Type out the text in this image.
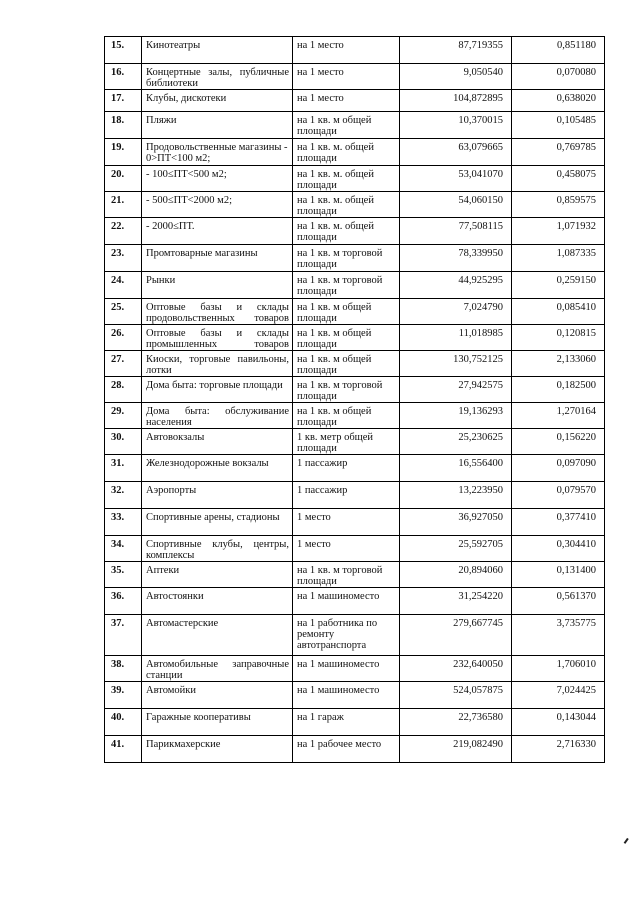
15.	Кинотеатры	на 1 место	87,719355	0,851180
16.	Концертные залы, публичные библиотеки	на 1 место	9,050540	0,070080
17.	Клубы, дискотеки	на 1 место	104,872895	0,638020
18.	Пляжи	на 1 кв. м общей площади	10,370015	0,105485
19.	Продовольственные магазины - 0>ПТ<100 м2;	на 1 кв. м. общей площади	63,079665	0,769785
20.	- 100≤ПТ<500 м2;	на 1 кв. м. общей площади	53,041070	0,458075
21.	- 500≤ПТ<2000 м2;	на 1 кв. м. общей площади	54,060150	0,859575
22.	- 2000≤ПТ.	на 1 кв. м. общей площади	77,508115	1,071932
23.	Промтоварные магазины	на 1 кв. м торговой площади	78,339950	1,087335
24.	Рынки	на 1 кв. м торговой площади	44,925295	0,259150
25.	Оптовые базы и склады продовольственных товаров	на 1 кв. м общей площади	7,024790	0,085410
26.	Оптовые базы и склады промышленных товаров	на 1 кв. м общей площади	11,018985	0,120815
27.	Киоски, торговые павильоны, лотки	на 1 кв. м общей площади	130,752125	2,133060
28.	Дома быта: торговые площади	на 1 кв. м торговой площади	27,942575	0,182500
29.	Дома быта: обслуживание населения	на 1 кв. м общей площади	19,136293	1,270164
30.	Автовокзалы	1 кв. метр общей площади	25,230625	0,156220
31.	Железнодорожные вокзалы	1 пассажир	16,556400	0,097090
32.	Аэропорты	1 пассажир	13,223950	0,079570
33.	Спортивные арены, стадионы	1 место	36,927050	0,377410
34.	Спортивные клубы, центры, комплексы	1 место	25,592705	0,304410
35.	Аптеки	на 1 кв. м торговой площади	20,894060	0,131400
36.	Автостоянки	на 1 машиноместо	31,254220	0,561370
37.	Автомастерские	на 1 работника по ремонту автотранспорта	279,667745	3,735775
38.	Автомобильные заправочные станции	на 1 машиноместо	232,640050	1,706010
39.	Автомойки	на 1 машиноместо	524,057875	7,024425
40.	Гаражные кооперативы	на 1 гараж	22,736580	0,143044
41.	Парикмахерские	на 1 рабочее место	219,082490	2,716330
